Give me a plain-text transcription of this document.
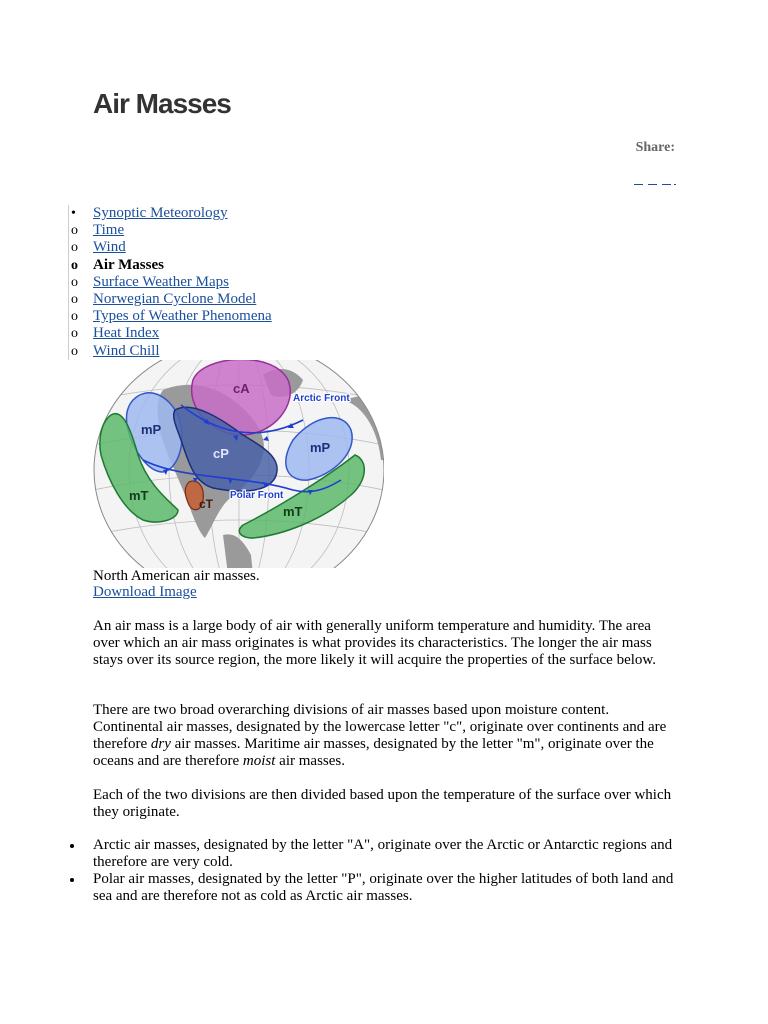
Air Masses
Share:
•	Synoptic Meteorology
o	Time
o	Wind
o	Air Masses
o	Surface Weather Maps
o	Norwegian Cyclone Model
o	Types of Weather Phenomena
o	Heat Index
o	Wind Chill
cA
mP
mP
cP
mT
mT
cT
Arctic Front
Polar Front
North American air masses.
Download Image

An air mass is a large body of air with generally uniform temperature and humidity. The area over which an air mass originates is what provides its characteristics. The longer the air mass stays over its source region, the more likely it will acquire the properties of the surface below.

There are two broad overarching divisions of air masses based upon moisture content. Continental air masses, designated by the lowercase letter "c", originate over continents and are therefore dry air masses. Maritime air masses, designated by the letter "m", originate over the oceans and are therefore moist air masses.

Each of the two divisions are then divided based upon the temperature of the surface over which they originate.

Arctic air masses, designated by the letter "A", originate over the Arctic or Antarctic regions and therefore are very cold.
Polar air masses, designated by the letter "P", originate over the higher latitudes of both land and sea and are therefore not as cold as Arctic air masses.
